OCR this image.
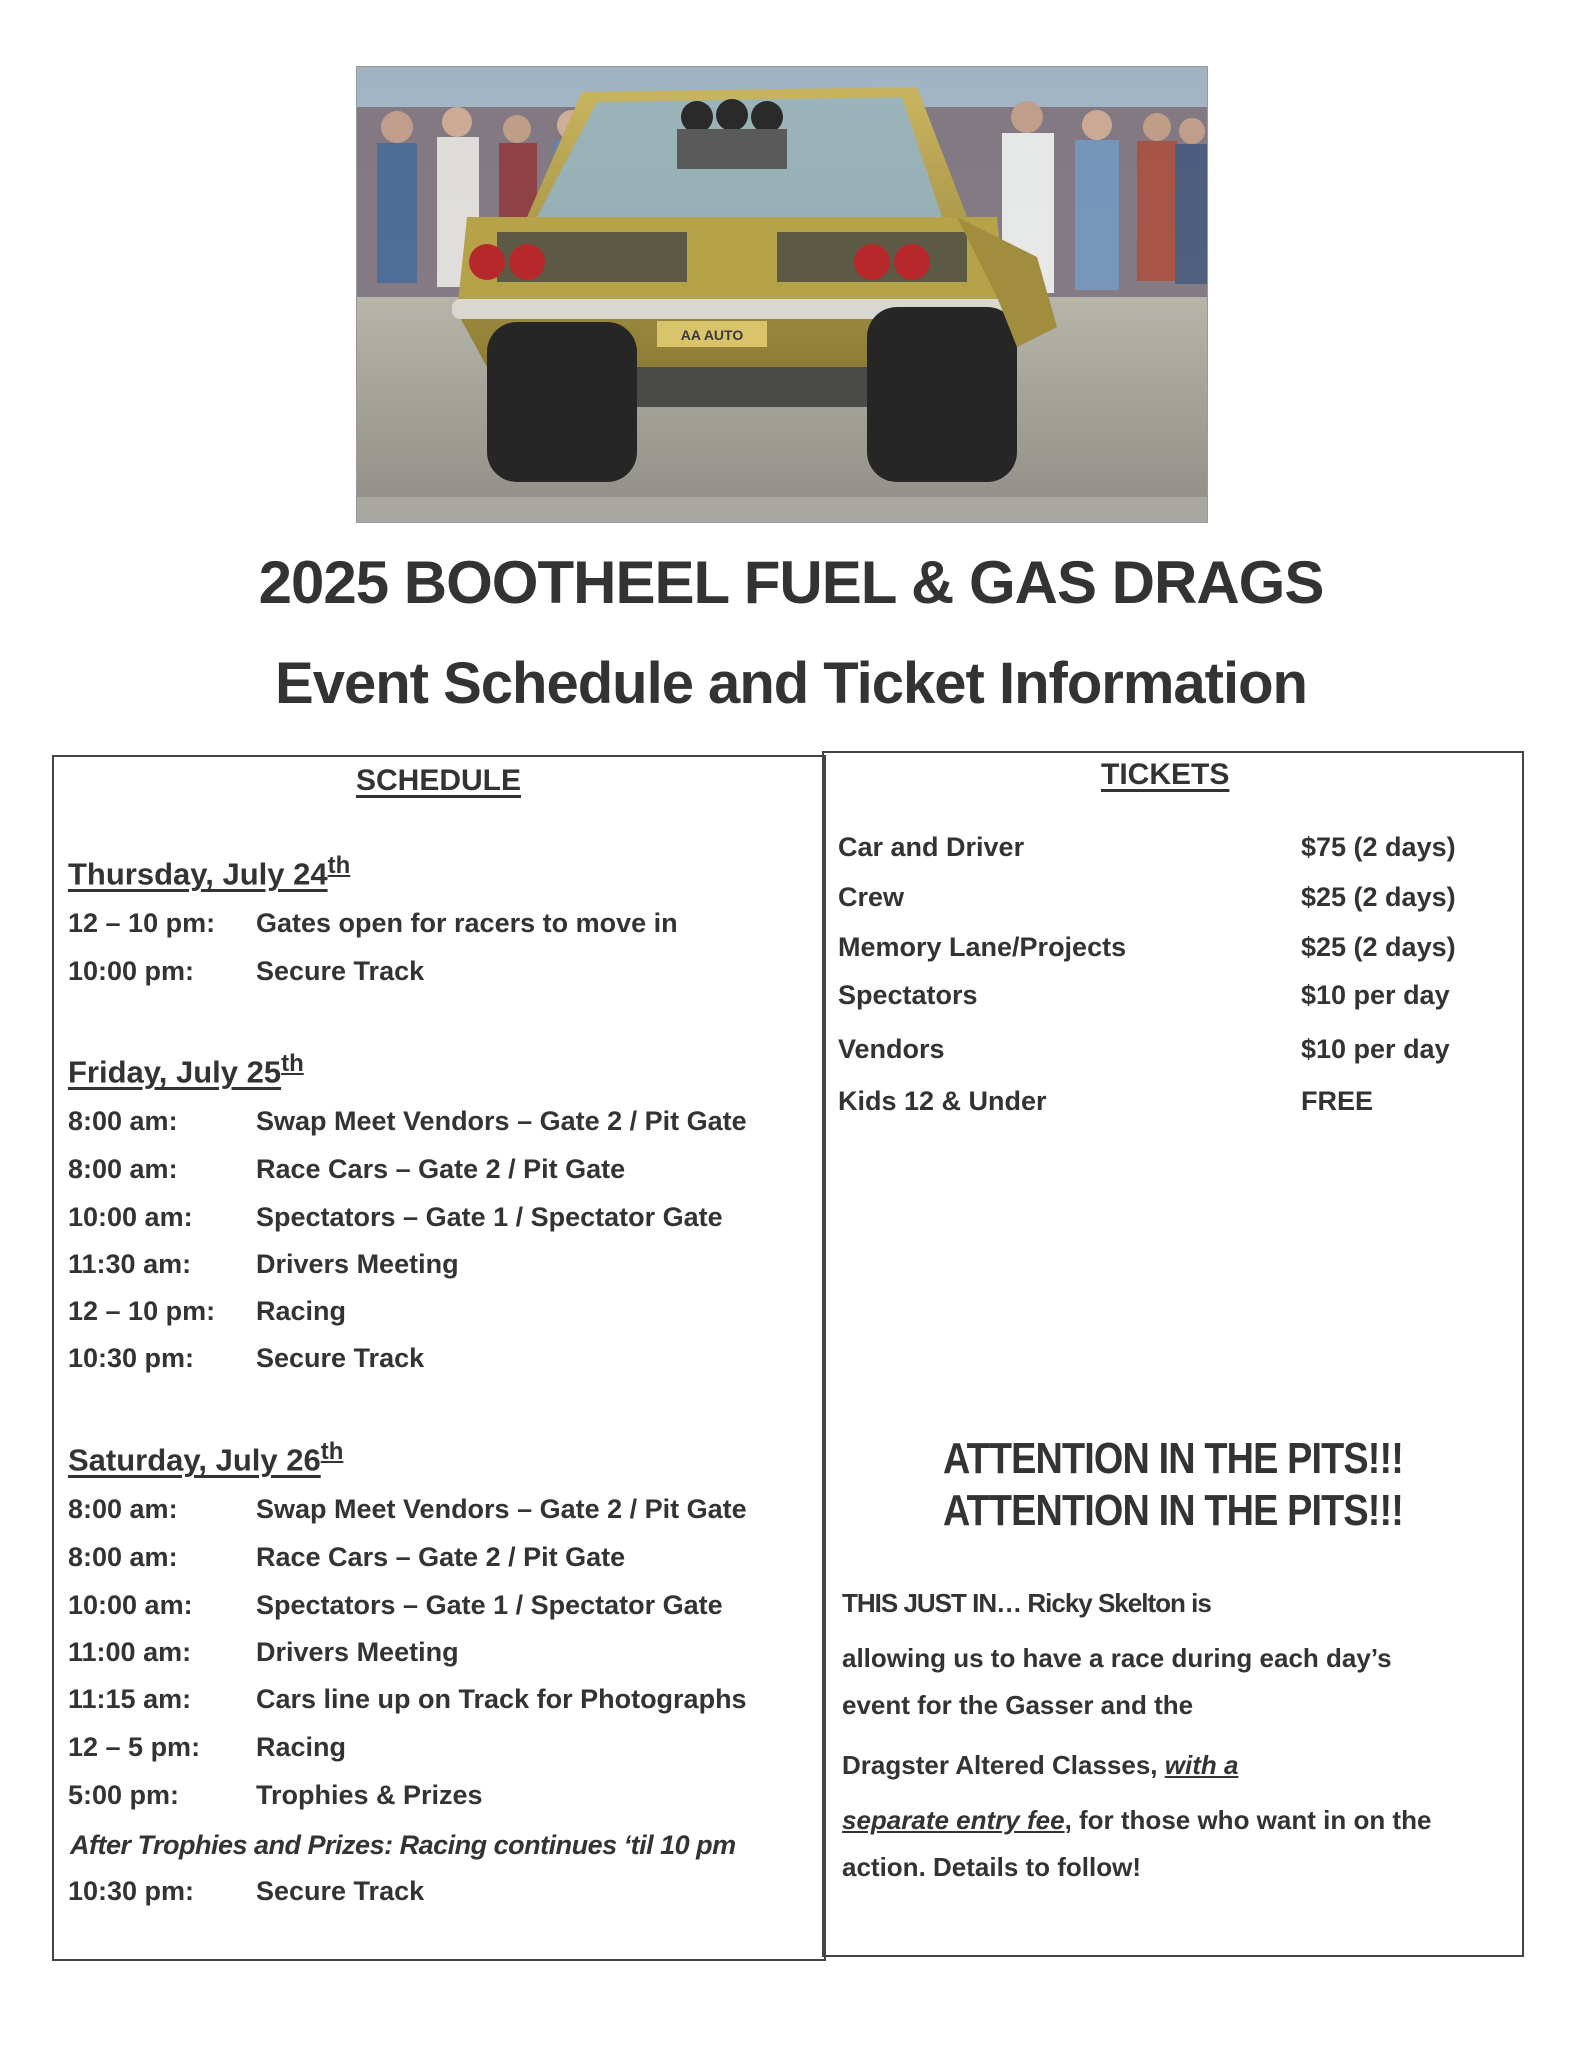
AA AUTO
2025 BOOTHEEL FUEL & GAS DRAGS
Event Schedule and Ticket Information
SCHEDULE
Thursday, July 24th
12 – 10 pm: Gates open for racers to move in
10:00 pm: Secure Track
Friday, July 25th
8:00 am:	Swap Meet Vendors – Gate 2 / Pit Gate
8:00 am:	Race Cars – Gate 2 / Pit Gate
10:00 am: Spectators – Gate 1 / Spectator Gate
11:30 am: Drivers Meeting
12 – 10 pm: Racing
10:30 pm: Secure Track
Saturday, July 26th
8:00 am:	Swap Meet Vendors – Gate 2 / Pit Gate
8:00 am:	Race Cars – Gate 2 / Pit Gate
10:00 am: Spectators – Gate 1 / Spectator Gate
11:00 am: Drivers Meeting
11:15 am: Cars line up on Track for Photographs
12 – 5 pm: Racing
5:00 pm:	Trophies & Prizes
After Trophies and Prizes: Racing continues ‘til 10 pm
10:30 pm: Secure Track
TICKETS
Car and Driver	$75 (2 days)
Crew	$25 (2 days)
Memory Lane/Projects	$25 (2 days)
Spectators	$10 per day
Vendors	$10 per day
Kids 12 & Under	FREE
ATTENTION IN THE PITS!!!
ATTENTION IN THE PITS!!!
THIS JUST IN… Ricky Skelton is
allowing us to have a race during each day’s
event for the Gasser and the
Dragster Altered Classes, with a
separate entry fee, for those who want in on the
action. Details to follow!
